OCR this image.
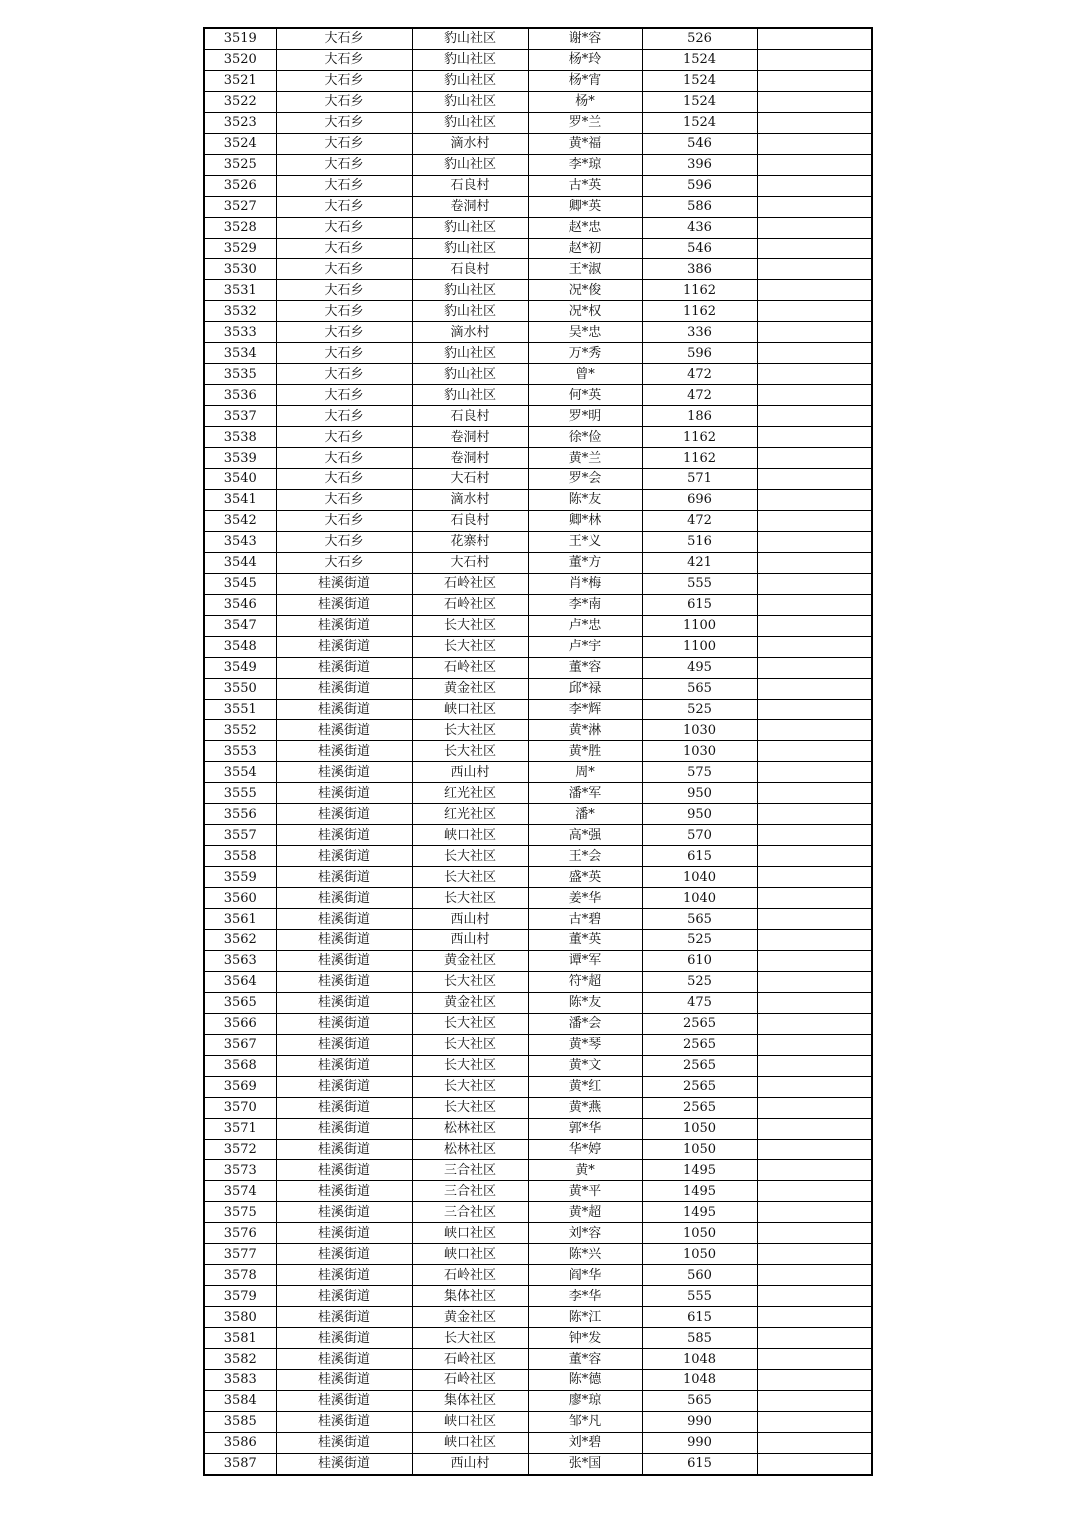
3519	大石乡	豹山社区	谢*容	526	
3520	大石乡	豹山社区	杨*玲	1524	
3521	大石乡	豹山社区	杨*宵	1524	
3522	大石乡	豹山社区	杨*	1524	
3523	大石乡	豹山社区	罗*兰	1524	
3524	大石乡	滴水村	黄*福	546	
3525	大石乡	豹山社区	李*琼	396	
3526	大石乡	石良村	古*英	596	
3527	大石乡	卷洞村	卿*英	586	
3528	大石乡	豹山社区	赵*忠	436	
3529	大石乡	豹山社区	赵*初	546	
3530	大石乡	石良村	王*淑	386	
3531	大石乡	豹山社区	况*俊	1162	
3532	大石乡	豹山社区	况*权	1162	
3533	大石乡	滴水村	吴*忠	336	
3534	大石乡	豹山社区	万*秀	596	
3535	大石乡	豹山社区	曾*	472	
3536	大石乡	豹山社区	何*英	472	
3537	大石乡	石良村	罗*明	186	
3538	大石乡	卷洞村	徐*俭	1162	
3539	大石乡	卷洞村	黄*兰	1162	
3540	大石乡	大石村	罗*会	571	
3541	大石乡	滴水村	陈*友	696	
3542	大石乡	石良村	卿*林	472	
3543	大石乡	花寨村	王*义	516	
3544	大石乡	大石村	董*方	421	
3545	桂溪街道	石岭社区	肖*梅	555	
3546	桂溪街道	石岭社区	李*南	615	
3547	桂溪街道	长大社区	卢*忠	1100	
3548	桂溪街道	长大社区	卢*宇	1100	
3549	桂溪街道	石岭社区	董*容	495	
3550	桂溪街道	黄金社区	邱*禄	565	
3551	桂溪街道	峡口社区	李*辉	525	
3552	桂溪街道	长大社区	黄*淋	1030	
3553	桂溪街道	长大社区	黄*胜	1030	
3554	桂溪街道	西山村	周*	575	
3555	桂溪街道	红光社区	潘*军	950	
3556	桂溪街道	红光社区	潘*	950	
3557	桂溪街道	峡口社区	高*强	570	
3558	桂溪街道	长大社区	王*会	615	
3559	桂溪街道	长大社区	盛*英	1040	
3560	桂溪街道	长大社区	姜*华	1040	
3561	桂溪街道	西山村	古*碧	565	
3562	桂溪街道	西山村	董*英	525	
3563	桂溪街道	黄金社区	谭*军	610	
3564	桂溪街道	长大社区	符*超	525	
3565	桂溪街道	黄金社区	陈*友	475	
3566	桂溪街道	长大社区	潘*会	2565	
3567	桂溪街道	长大社区	黄*琴	2565	
3568	桂溪街道	长大社区	黄*文	2565	
3569	桂溪街道	长大社区	黄*红	2565	
3570	桂溪街道	长大社区	黄*燕	2565	
3571	桂溪街道	松林社区	郭*华	1050	
3572	桂溪街道	松林社区	华*婷	1050	
3573	桂溪街道	三合社区	黄*	1495	
3574	桂溪街道	三合社区	黄*平	1495	
3575	桂溪街道	三合社区	黄*超	1495	
3576	桂溪街道	峡口社区	刘*容	1050	
3577	桂溪街道	峡口社区	陈*兴	1050	
3578	桂溪街道	石岭社区	阎*华	560	
3579	桂溪街道	集体社区	李*华	555	
3580	桂溪街道	黄金社区	陈*江	615	
3581	桂溪街道	长大社区	钟*发	585	
3582	桂溪街道	石岭社区	董*容	1048	
3583	桂溪街道	石岭社区	陈*德	1048	
3584	桂溪街道	集体社区	廖*琼	565	
3585	桂溪街道	峡口社区	邹*凡	990	
3586	桂溪街道	峡口社区	刘*碧	990	
3587	桂溪街道	西山村	张*国	615	
